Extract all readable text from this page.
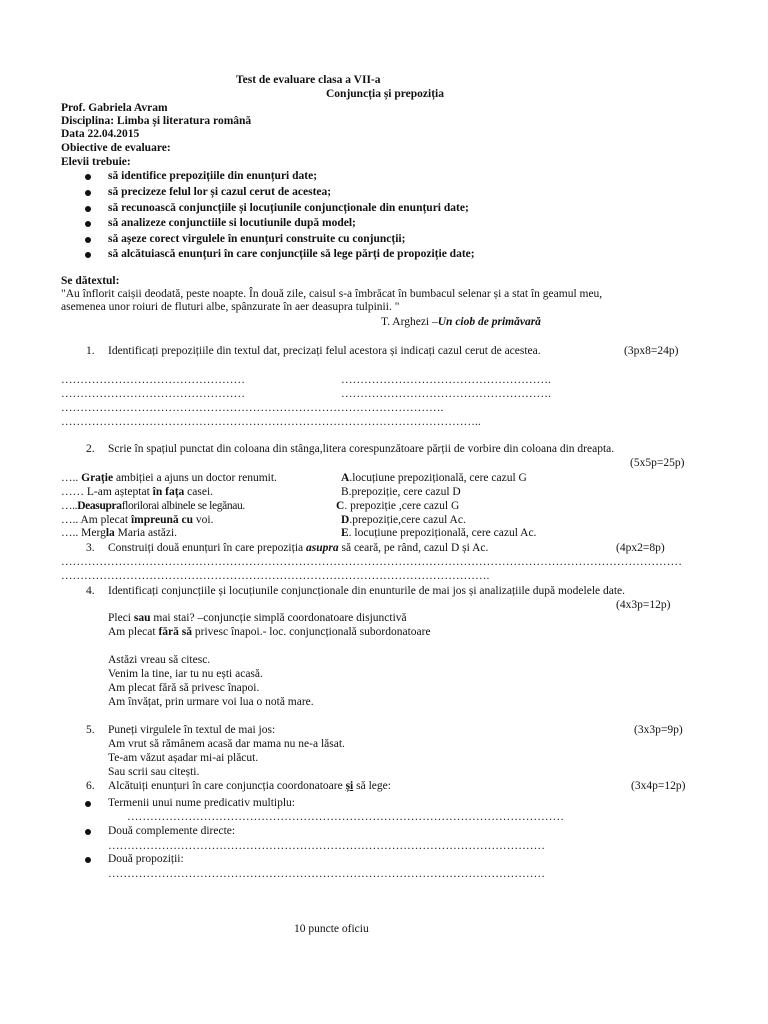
Test de evaluare clasa a VII-a
Conjuncția și prepoziția
Prof. Gabriela Avram
Disciplina: Limba și literatura română
Data 22.04.2015
Obiective de evaluare:
Elevii trebuie:
să identifice prepozițiile din enunțuri date;
să precizeze felul lor și cazul cerut de acestea;
să recunoască conjuncțiile și locuțiunile conjuncționale din enunțuri date;
să analizeze conjunctiile si locutiunile după model;
să așeze corect virgulele în enunțuri construite cu conjuncții;
să alcătuiască enunțuri în care conjuncțiile să lege părți de propoziție date;
Se dătextul:
"Au înflorit caișii deodată, peste noapte. În două zile, caisul s-a îmbrăcat în bumbacul selenar și a stat în geamul meu,
asemenea unor roiuri de fluturi albe, spânzurate în aer deasupra tulpinii. "
T. Arghezi –Un ciob de primăvară
1. Identificați prepozițiile din textul dat, precizați felul acestora și indicați cazul cerut de acestea.	(3px8=24p)
…………………………………………	……………………………………………….
…………………………………………	……………………………………………….
……………………………………………………………………………………….
………………………………………………………………………………………………..
2. Scrie în spațiul punctat din coloana din stânga,litera corespunzătoare părții de vorbire din coloana din dreapta.
(5x5p=25p)
….. Grație ambiției a ajuns un doctor renumit.	A.locuțiune prepozițională, cere cazul G
…… L-am așteptat în fața casei.	B.prepoziție, cere cazul D
…..Deasupraflorilorai albinele se legănau.	C. prepoziție ,cere cazul G
….. Am plecat împreună cu voi.	D.prepoziție,cere cazul Ac.
….. Mergla Maria astăzi.	E. locuțiune prepozițională, cere cazul Ac.
3. Construiți două enunțuri în care prepoziția asupra să ceară, pe rând, cazul D și Ac.	(4px2=8p)
………………………………………………………………………………………………………………………………………………
………………………………………………………………………………………………….
4. Identificați conjuncțiile și locuțiunile conjuncționale din enunturile de mai jos și analizațiile după modelele date.
(4x3p=12p)
Pleci sau mai stai? –conjuncție simplă coordonatoare disjunctivă
Am plecat fără să privesc înapoi.- loc. conjuncțională subordonatoare
Astăzi vreau să citesc.
Venim la tine, iar tu nu ești acasă.
Am plecat fără să privesc înapoi.
Am învățat, prin urmare voi lua o notă mare.
5. Puneți virgulele în textul de mai jos:	(3x3p=9p)
Am vrut să rămânem acasă dar mama nu ne-a lăsat.
Te-am văzut așadar mi-ai plăcut.
Sau scrii sau citești.
6. Alcătuiți enunțuri în care conjuncția coordonatoare și să lege:	(3x4p=12p)
Termenii unui nume predicativ multiplu:
……………………………………………………………………………………………………
Două complemente directe:
……………………………………………………………………………………………………
Două propoziții:
……………………………………………………………………………………………………
10 puncte oficiu
